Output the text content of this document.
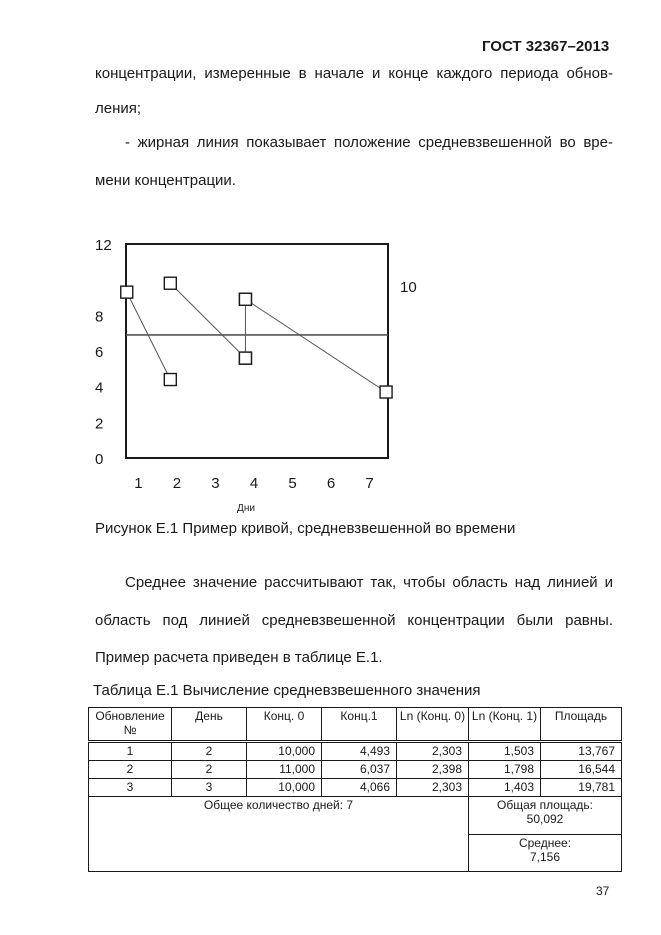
ГОСТ 32367–2013
концентрации, измеренные в начале и конце каждого периода обнов-
ления;
- жирная линия показывает положение средневзвешенной во вре-
мени концентрации.
0
2
4
6
8
12
1 2 3 4 5 6 7
Дни
10
Рисунок Е.1 Пример кривой, средневзвешенной во времени
Среднее значение рассчитывают так, чтобы область над линией и
область под линией средневзвешенной концентрации были равны.
Пример расчета приведен в таблице Е.1.
Таблица Е.1 Вычисление средневзвешенного значения
Обновление №	День	Конц. 0	Конц.1	Ln (Конц. 0)	Ln (Конц. 1)	Площадь
1	2	10,000	4,493	2,303	1,503	13,767
2	2	11,000	6,037	2,398	1,798	16,544
3	3	10,000	4,066	2,303	1,403	19,781
Общее количество дней: 7					Общая площадь:
50,092	

					Среднее:
7,156	
37
